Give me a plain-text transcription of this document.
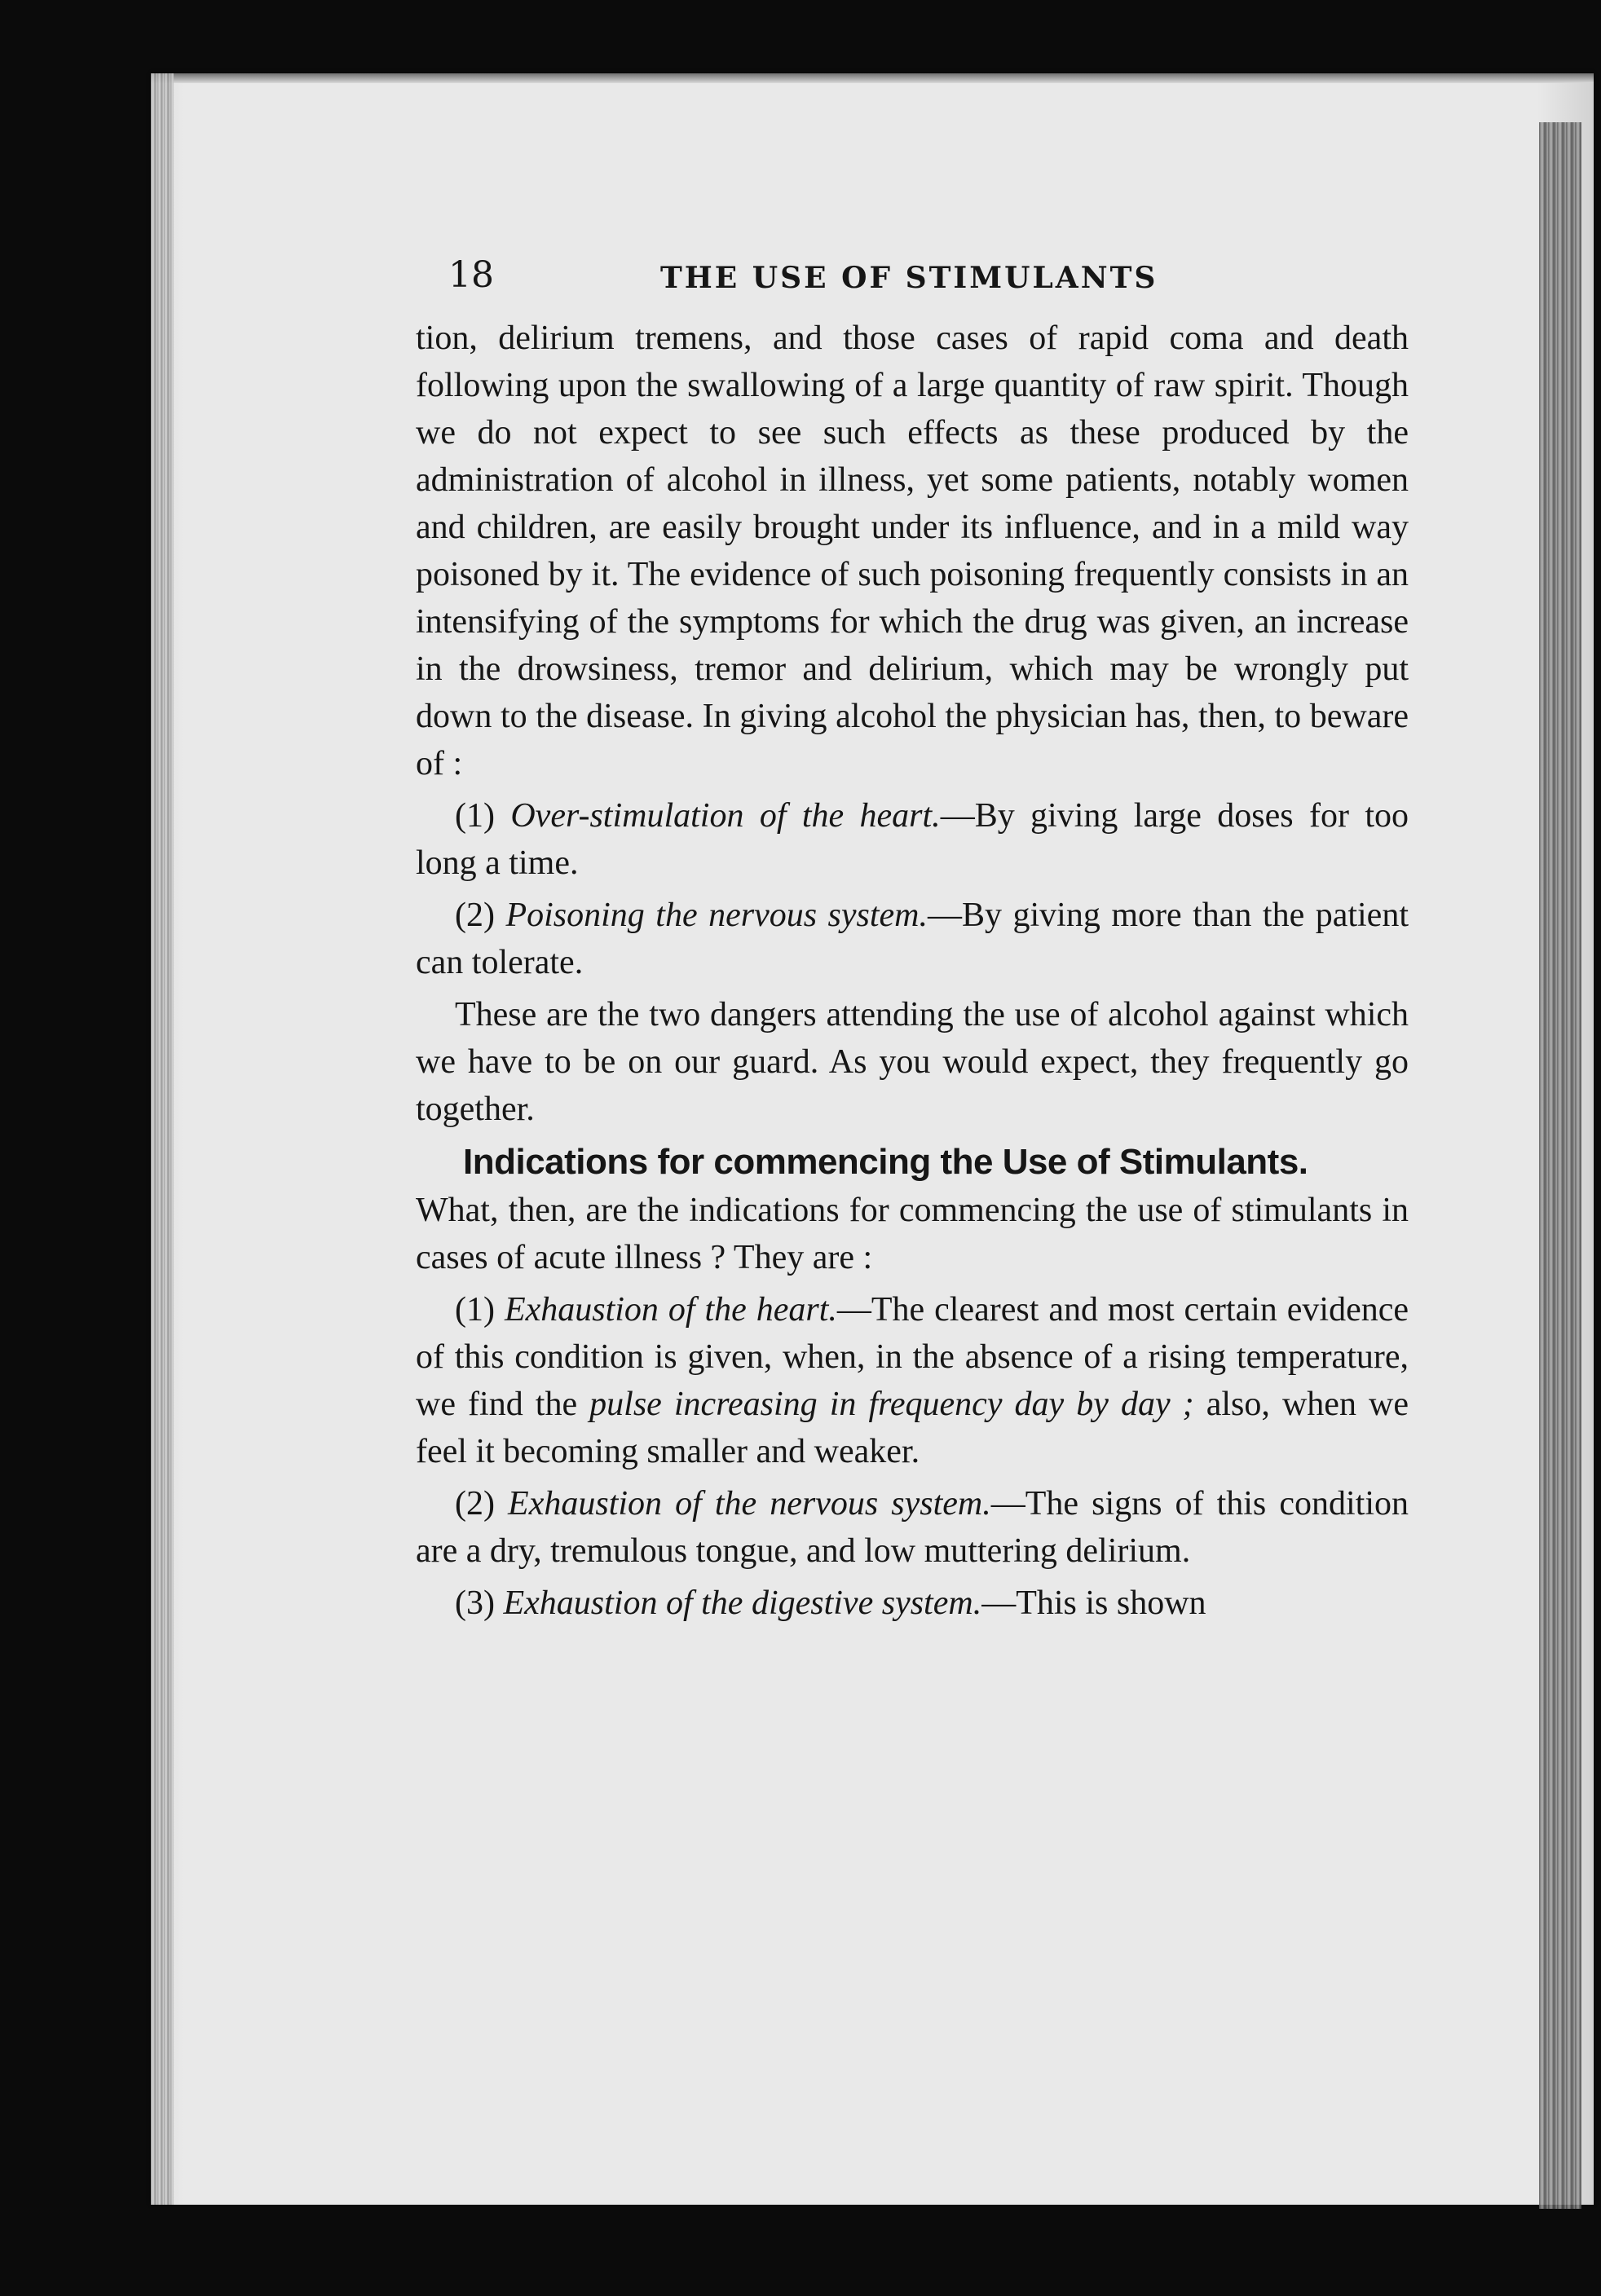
18	THE USE OF STIMULANTS

tion, delirium tremens, and those cases of rapid coma and death following upon the swallowing of a large quantity of raw spirit. Though we do not expect to see such effects as these produced by the administration of alcohol in illness, yet some patients, notably women and children, are easily brought under its influence, and in a mild way poisoned by it. The evidence of such poisoning frequently consists in an intensifying of the symptoms for which the drug was given, an increase in the drowsiness, tremor and delirium, which may be wrongly put down to the disease. In giving alcohol the physician has, then, to beware of :

(1) Over-stimulation of the heart.—By giving large doses for too long a time.

(2) Poisoning the nervous system.—By giving more than the patient can tolerate.

These are the two dangers attending the use of alcohol against which we have to be on our guard. As you would expect, they frequently go together.

Indications for commencing the Use of Stimulants.

What, then, are the indications for commencing the use of stimulants in cases of acute illness ? They are :

(1) Exhaustion of the heart.—The clearest and most certain evidence of this condition is given, when, in the absence of a rising temperature, we find the pulse increasing in frequency day by day ; also, when we feel it becoming smaller and weaker.

(2) Exhaustion of the nervous system.—The signs of this condition are a dry, tremulous tongue, and low muttering delirium.

(3) Exhaustion of the digestive system.—This is shown
